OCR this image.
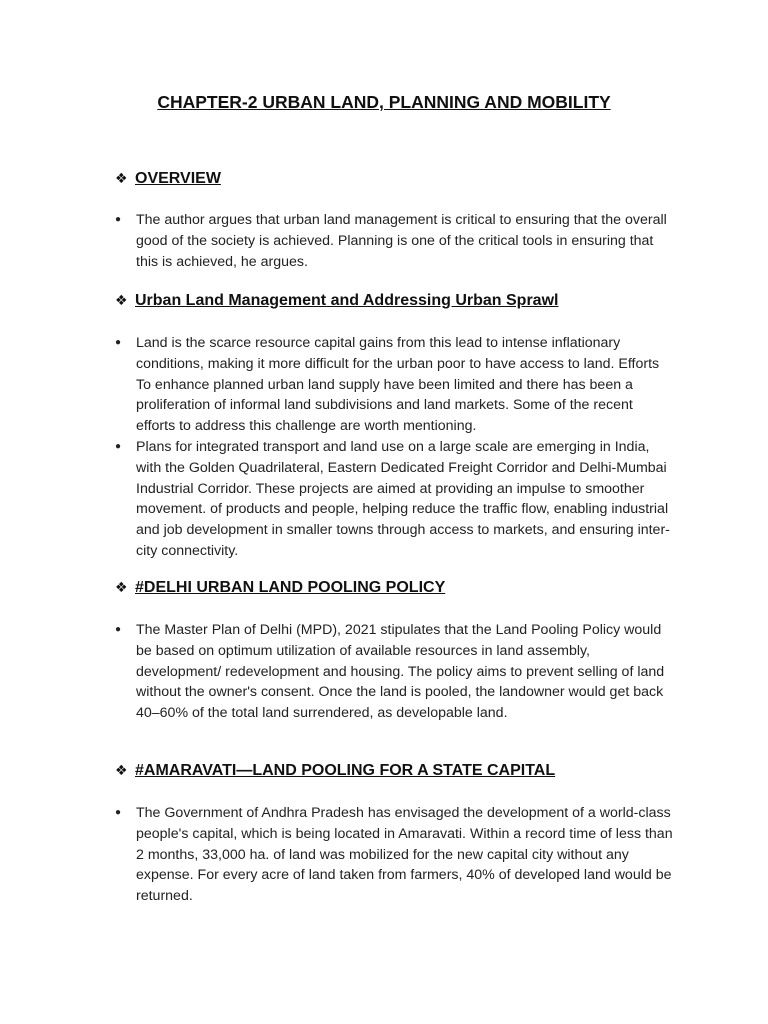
CHAPTER-2 URBAN LAND, PLANNING AND MOBILITY
❖ OVERVIEW
● The author argues that urban land management is critical to ensuring that the overall good of the society is achieved. Planning is one of the critical tools in ensuring that this is achieved, he argues.
❖ Urban Land Management and Addressing Urban Sprawl
● Land is the scarce resource capital gains from this lead to intense inflationary conditions, making it more difficult for the urban poor to have access to land. Efforts To enhance planned urban land supply have been limited and there has been a proliferation of informal land subdivisions and land markets. Some of the recent efforts to address this challenge are worth mentioning.
● Plans for integrated transport and land use on a large scale are emerging in India, with the Golden Quadrilateral, Eastern Dedicated Freight Corridor and Delhi-Mumbai Industrial Corridor. These projects are aimed at providing an impulse to smoother movement. of products and people, helping reduce the traffic flow, enabling industrial and job development in smaller towns through access to markets, and ensuring inter-city connectivity.
❖ #DELHI URBAN LAND POOLING POLICY
● The Master Plan of Delhi (MPD), 2021 stipulates that the Land Pooling Policy would be based on optimum utilization of available resources in land assembly, development/ redevelopment and housing. The policy aims to prevent selling of land without the owner's consent. Once the land is pooled, the landowner would get back 40–60% of the total land surrendered, as developable land.
❖ #AMARAVATI—LAND POOLING FOR A STATE CAPITAL
● The Government of Andhra Pradesh has envisaged the development of a world-class people's capital, which is being located in Amaravati. Within a record time of less than 2 months, 33,000 ha. of land was mobilized for the new capital city without any expense. For every acre of land taken from farmers, 40% of developed land would be returned.
